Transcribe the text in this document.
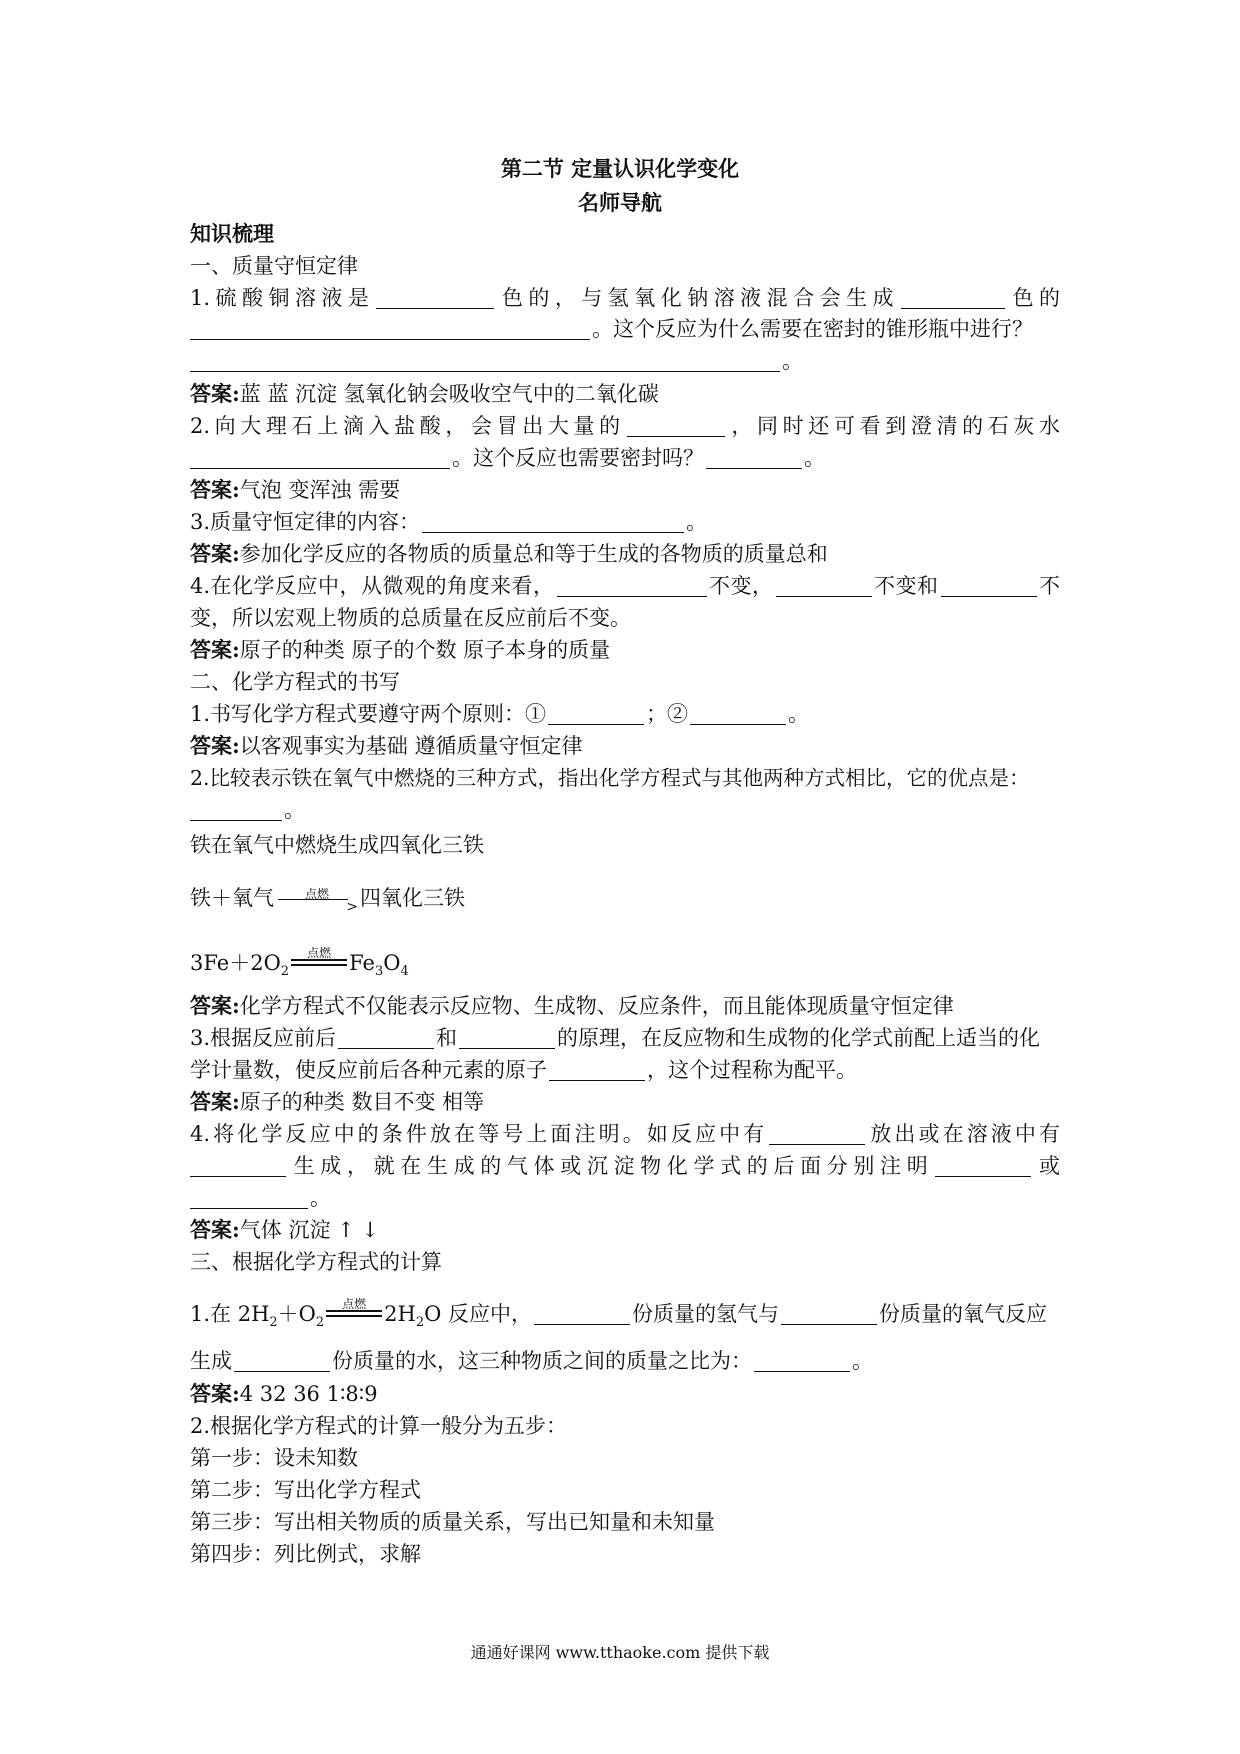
第二节 定量认识化学变化
名师导航
知识梳理
一、质量守恒定律
1.硫酸铜溶液是	色的，与氢氧化钠溶液混合会生成	色的
。这个反应为什么需要在密封的锥形瓶中进行？
。
答案:蓝 蓝 沉淀 氢氧化钠会吸收空气中的二氧化碳
2.向大理石上滴入盐酸，会冒出大量的	，同时还可看到澄清的石灰水
。这个反应也需要密封吗？	。
答案:气泡 变浑浊 需要
3.质量守恒定律的内容：	。
答案:参加化学反应的各物质的质量总和等于生成的各物质的质量总和
4.在化学反应中，从微观的角度来看，	不变，	不变和	不
变，所以宏观上物质的总质量在反应前后不变。
答案:原子的种类 原子的个数 原子本身的质量
二、化学方程式的书写
1.书写化学方程式要遵守两个原则：①	；②	。
答案:以客观事实为基础 遵循质量守恒定律
2.比较表示铁在氧气中燃烧的三种方式，指出化学方程式与其他两种方式相比，它的优点是：
。
铁在氧气中燃烧生成四氧化三铁
铁＋氧气	点燃
> 四氧化三铁
$3Fe+2O_2$
点燃 $Fe_3O_4$
答案:化学方程式不仅能表示反应物、生成物、反应条件，而且能体现质量守恒定律
3.根据反应前后	和	的原理，在反应物和生成物的化学式前配上适当的化
学计量数，使反应前后各种元素的原子	，这个过程称为配平。
答案:原子的种类 数目不变 相等
4.将化学反应中的条件放在等号上面注明。如反应中有	放出或在溶液中有
生成，就在生成的气体或沉淀物化学式的后面分别注明	或
。
答案:气体 沉淀 ↑ ↓
三、根据化学方程式的计算
1.在 $2H_2+O_2$
点燃 $2H_2O$ 反应中，	份质量的氢气与	份质量的氧气反应
生成	份质量的水，这三种物质之间的质量之比为：	。
答案:4 32 36 1∶8∶9
2.根据化学方程式的计算一般分为五步：
第一步：设未知数
第二步：写出化学方程式
第三步：写出相关物质的质量关系，写出已知量和未知量
第四步：列比例式，求解
通通好课网 www.tthaoke.com 提供下载
